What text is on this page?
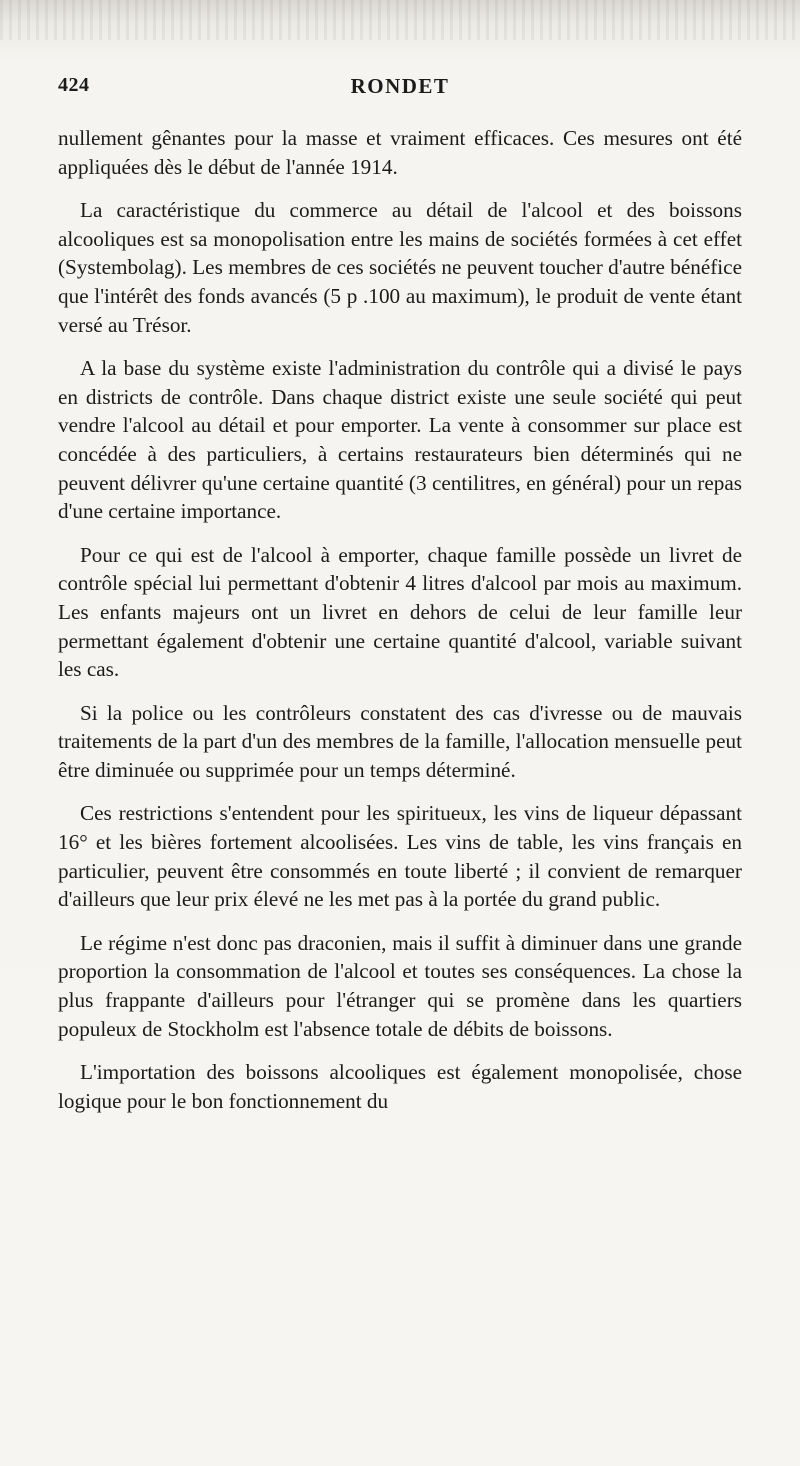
424	RONDET

nullement gênantes pour la masse et vraiment efficaces. Ces mesures ont été appliquées dès le début de l'année 1914.

La caractéristique du commerce au détail de l'alcool et des boissons alcooliques est sa monopolisation entre les mains de sociétés formées à cet effet (Systembolag). Les membres de ces sociétés ne peuvent toucher d'autre bénéfice que l'intérêt des fonds avancés (5 p .100 au maximum), le produit de vente étant versé au Trésor.

A la base du système existe l'administration du contrôle qui a divisé le pays en districts de contrôle. Dans chaque district existe une seule société qui peut vendre l'alcool au détail et pour emporter. La vente à consommer sur place est concédée à des particuliers, à certains restaurateurs bien déterminés qui ne peuvent délivrer qu'une certaine quantité (3 centilitres, en général) pour un repas d'une certaine importance.

Pour ce qui est de l'alcool à emporter, chaque famille possède un livret de contrôle spécial lui permettant d'obtenir 4 litres d'alcool par mois au maximum. Les enfants majeurs ont un livret en dehors de celui de leur famille leur permettant également d'obtenir une certaine quantité d'alcool, variable suivant les cas.

Si la police ou les contrôleurs constatent des cas d'ivresse ou de mauvais traitements de la part d'un des membres de la famille, l'allocation mensuelle peut être diminuée ou supprimée pour un temps déterminé.

Ces restrictions s'entendent pour les spiritueux, les vins de liqueur dépassant 16° et les bières fortement alcoolisées. Les vins de table, les vins français en particulier, peuvent être consommés en toute liberté ; il convient de remarquer d'ailleurs que leur prix élevé ne les met pas à la portée du grand public.

Le régime n'est donc pas draconien, mais il suffit à diminuer dans une grande proportion la consommation de l'alcool et toutes ses conséquences. La chose la plus frappante d'ailleurs pour l'étranger qui se promène dans les quartiers populeux de Stockholm est l'absence totale de débits de boissons.

L'importation des boissons alcooliques est également monopolisée, chose logique pour le bon fonctionnement du
